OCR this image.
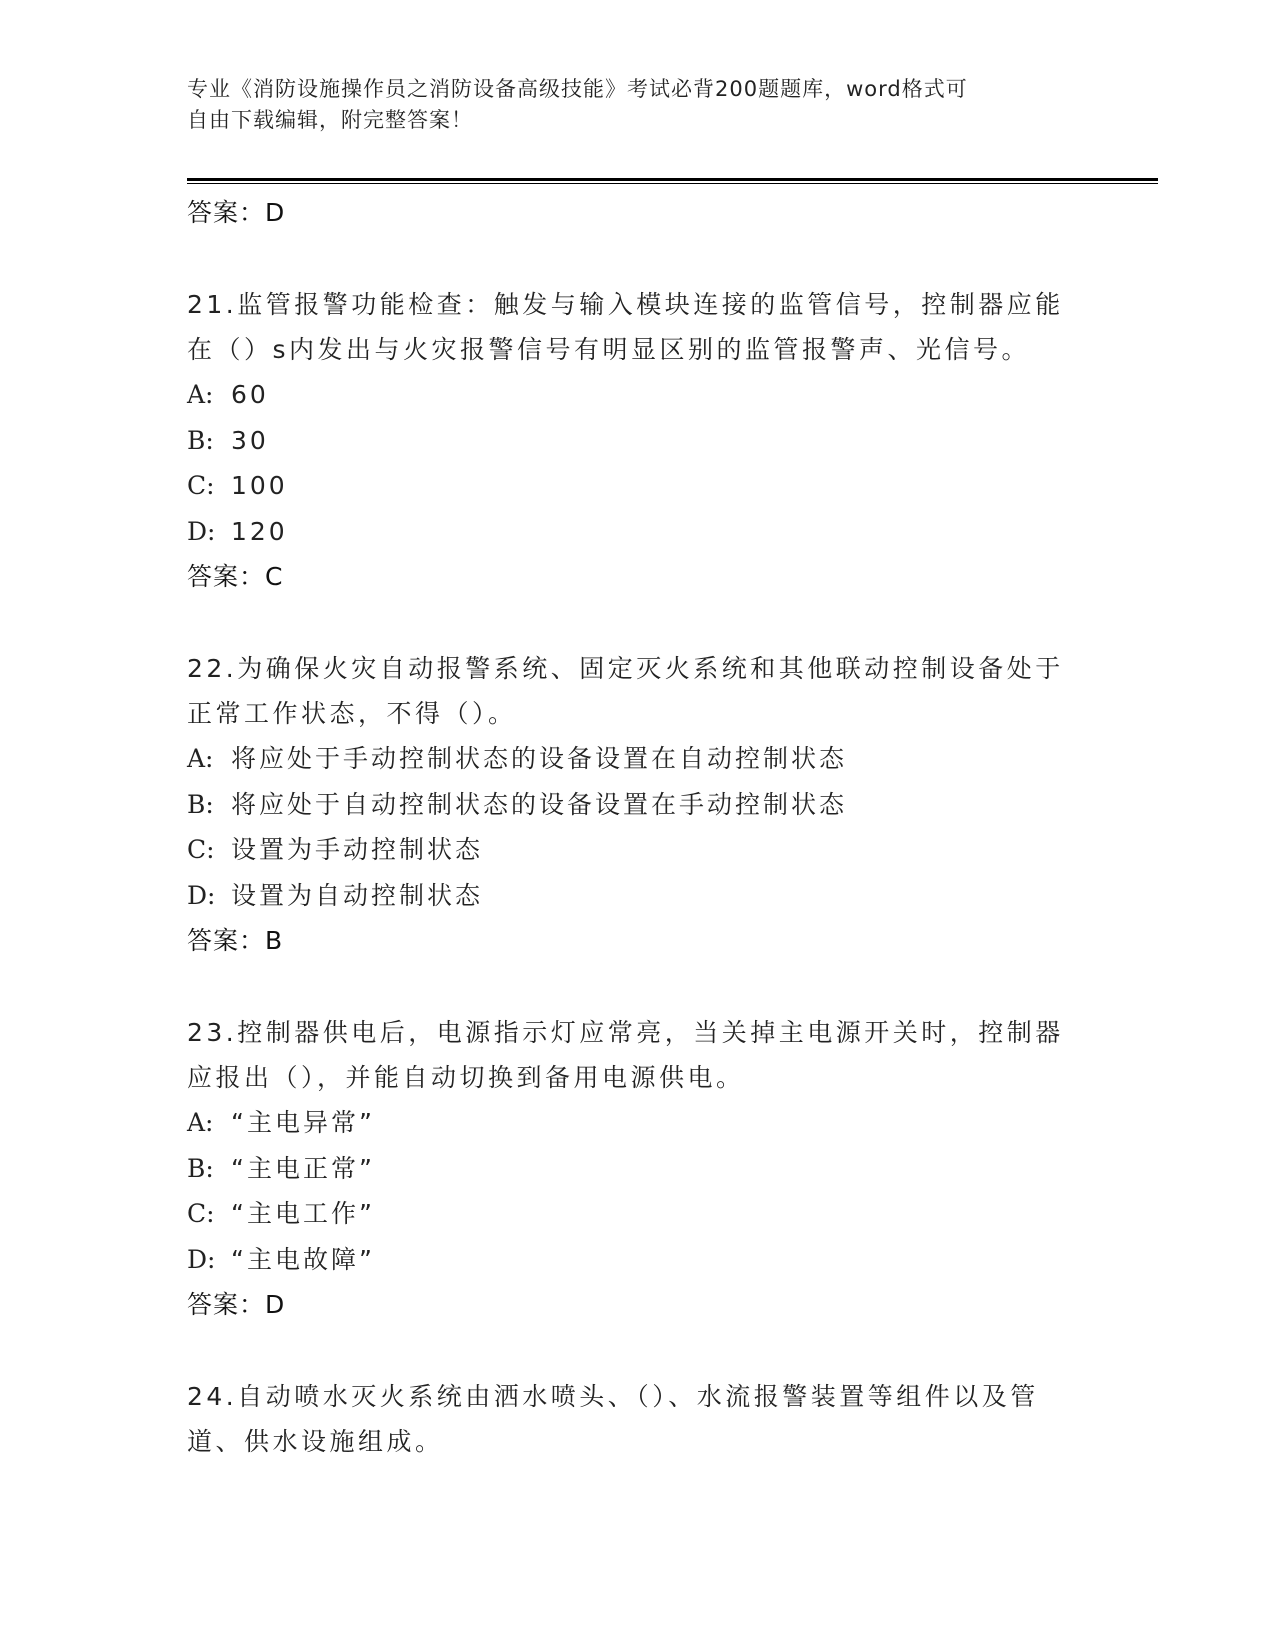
专业《消防设施操作员之消防设备高级技能》考试必背200题题库，word格式可
自由下载编辑，附完整答案！
答案：D
21.监管报警功能检查：触发与输入模块连接的监管信号，控制器应能在（）s内发出与火灾报警信号有明显区别的监管报警声、光信号。
A: 60
B: 30
C: 100
D: 120
答案：C
22.为确保火灾自动报警系统、固定灭火系统和其他联动控制设备处于正常工作状态，不得（）。
A: 将应处于手动控制状态的设备设置在自动控制状态
B: 将应处于自动控制状态的设备设置在手动控制状态
C: 设置为手动控制状态
D: 设置为自动控制状态
答案：B
23.控制器供电后，电源指示灯应常亮，当关掉主电源开关时，控制器应报出（），并能自动切换到备用电源供电。
A: “主电异常”
B: “主电正常”
C: “主电工作”
D: “主电故障”
答案：D
24.自动喷水灭火系统由洒水喷头、（）、水流报警装置等组件以及管道、供水设施组成。
